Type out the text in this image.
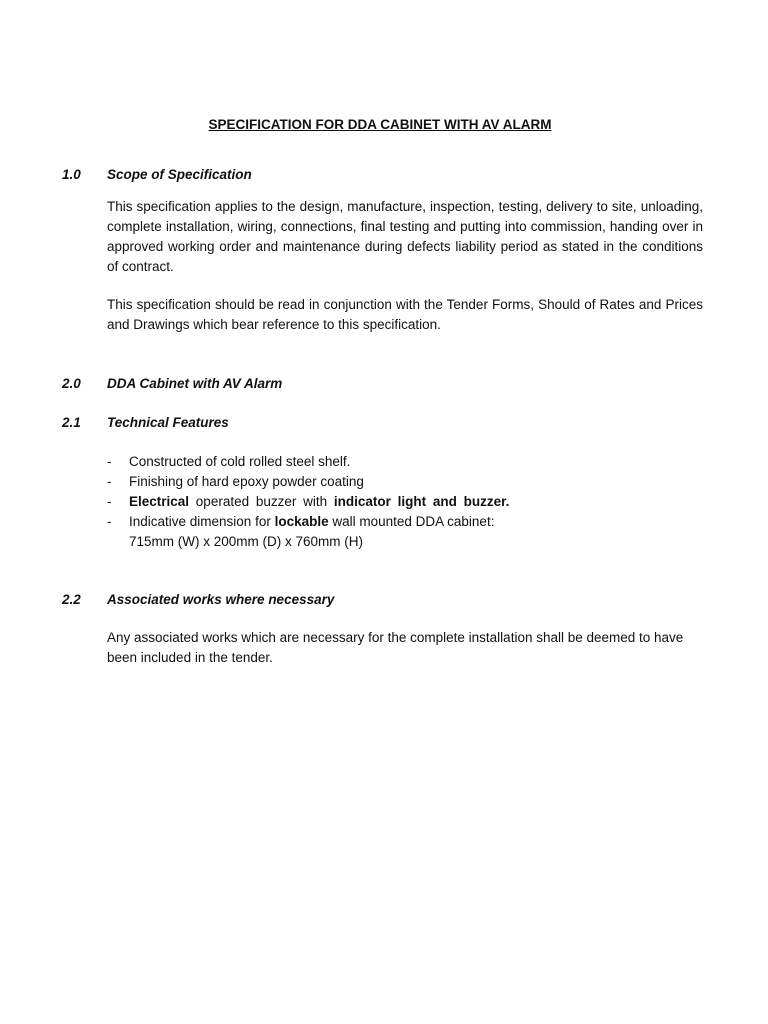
SPECIFICATION FOR DDA CABINET WITH AV ALARM
1.0 Scope of Specification
This specification applies to the design, manufacture, inspection, testing, delivery to site, unloading, complete installation, wiring, connections, final testing and putting into commission, handing over in approved working order and maintenance during defects liability period as stated in the conditions of contract.
This specification should be read in conjunction with the Tender Forms, Should of Rates and Prices and Drawings which bear reference to this specification.
2.0 DDA Cabinet with AV Alarm
2.1 Technical Features
- Constructed of cold rolled steel shelf.
- Finishing of hard epoxy powder coating
- Electrical operated buzzer with indicator light and buzzer.
- Indicative dimension for lockable wall mounted DDA cabinet:
715mm (W) x 200mm (D) x 760mm (H)
2.2 Associated works where necessary
Any associated works which are necessary for the complete installation shall be deemed to have been included in the tender.
